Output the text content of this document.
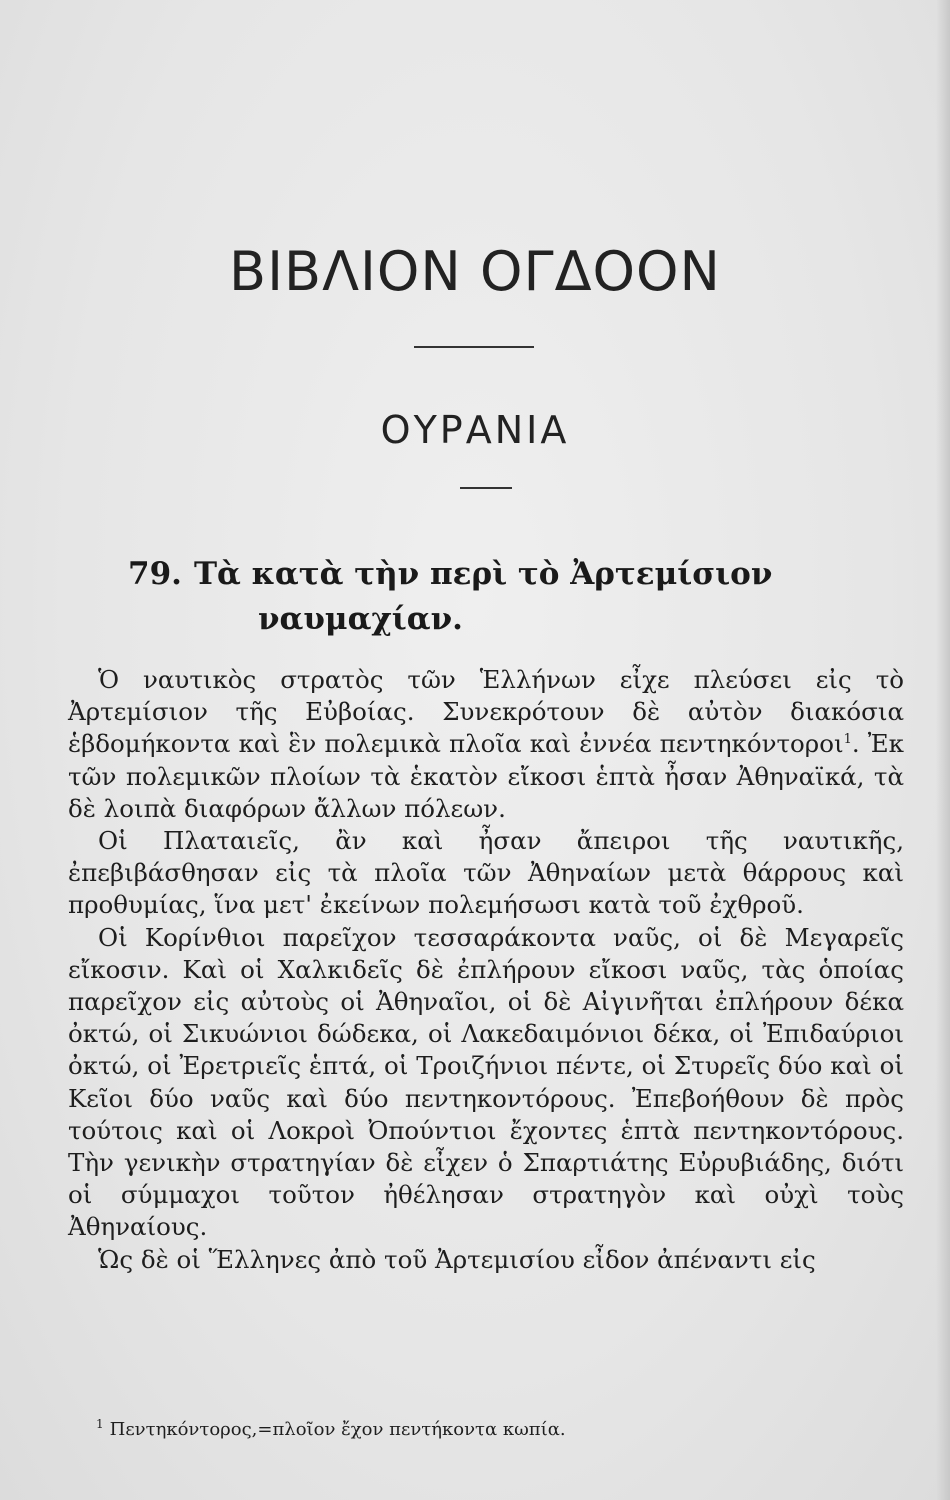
ΒΙΒΛΙΟΝ ΟΓΔΟΟΝ
ΟΥΡΑΝΙΑ
79. Τὰ κατὰ τὴν περὶ τὸ Ἀρτεμίσιον
ναυμαχίαν.

Ὁ ναυτικὸς στρατὸς τῶν Ἑλλήνων εἶχε πλεύσει εἰς τὸ Ἀρτεμίσιον τῆς Εὐβοίας. Συνεκρότουν δὲ αὐτὸν διακόσια ἑβδομήκοντα καὶ ἓν πολεμικὰ πλοῖα καὶ ἐννέα πεντηκόντοροι$^1$. Ἐκ τῶν πολεμικῶν πλοίων τὰ ἑκατὸν εἴκοσι ἑπτὰ ἦσαν Ἀθηναϊκά, τὰ δὲ λοιπὰ διαφόρων ἄλλων πόλεων.

Οἱ Πλαταιεῖς, ἂν καὶ ἦσαν ἄπειροι τῆς ναυτικῆς, ἐπεβιβάσθησαν εἰς τὰ πλοῖα τῶν Ἀθηναίων μετὰ θάρρους καὶ προθυμίας, ἵνα μετ' ἐκείνων πολεμήσωσι κατὰ τοῦ ἐχθροῦ.

Οἱ Κορίνθιοι παρεῖχον τεσσαράκοντα ναῦς, οἱ δὲ Μεγαρεῖς εἴκοσιν. Καὶ οἱ Χαλκιδεῖς δὲ ἐπλήρουν εἴκοσι ναῦς, τὰς ὁποίας παρεῖχον εἰς αὐτοὺς οἱ Ἀθηναῖοι, οἱ δὲ Αἰγινῆται ἐπλήρουν δέκα ὀκτώ, οἱ Σικυώνιοι δώδεκα, οἱ Λακεδαιμόνιοι δέκα, οἱ Ἐπιδαύριοι ὀκτώ, οἱ Ἐρετριεῖς ἑπτά, οἱ Τροιζήνιοι πέντε, οἱ Στυρεῖς δύο καὶ οἱ Κεῖοι δύο ναῦς καὶ δύο πεντηκοντόρους. Ἐπεβοήθουν δὲ πρὸς τούτοις καὶ οἱ Λοκροὶ Ὀπούντιοι ἔχοντες ἑπτὰ πεντηκοντόρους. Τὴν γενικὴν στρατηγίαν δὲ εἶχεν ὁ Σπαρτιάτης Εὐρυβιάδης, διότι οἱ σύμμαχοι τοῦτον ἠθέλησαν στρατηγὸν καὶ οὐχὶ τοὺς Ἀθηναίους.

Ὡς δὲ οἱ Ἕλληνες ἀπὸ τοῦ Ἀρτεμισίου εἶδον ἀπέναντι εἰς

$^1$ Πεντηκόντορος,=πλοῖον ἔχον πεντήκοντα κωπία.
